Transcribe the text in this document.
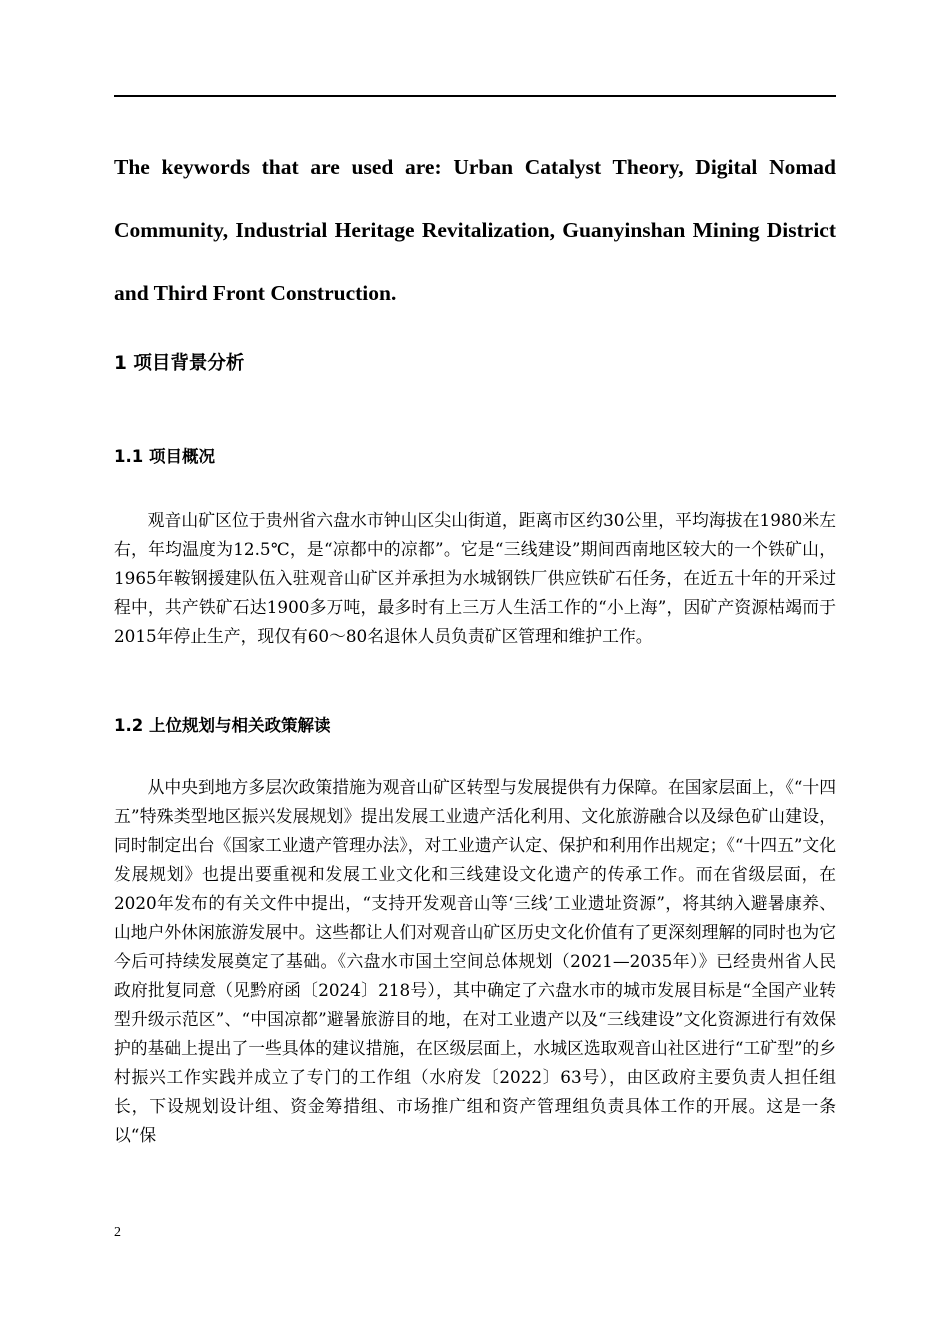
The keywords that are used are: Urban Catalyst Theory, Digital Nomad Community, Industrial Heritage Revitalization, Guanyinshan Mining District and Third Front Construction.

1 项目背景分析
1.1 项目概况

观音山矿区位于贵州省六盘水市钟山区尖山街道，距离市区约30公里，平均海拔在1980米左右，年均温度为12.5℃，是“凉都中的凉都”。它是“三线建设”期间西南地区较大的一个铁矿山，1965年鞍钢援建队伍入驻观音山矿区并承担为水城钢铁厂供应铁矿石任务，在近五十年的开采过程中，共产铁矿石达1900多万吨，最多时有上三万人生活工作的“小上海”，因矿产资源枯竭而于2015年停止生产，现仅有60～80名退休人员负责矿区管理和维护工作。

1.2 上位规划与相关政策解读

从中央到地方多层次政策措施为观音山矿区转型与发展提供有力保障。在国家层面上，《“十四五”特殊类型地区振兴发展规划》提出发展工业遗产活化利用、文化旅游融合以及绿色矿山建设，同时制定出台《国家工业遗产管理办法》，对工业遗产认定、保护和利用作出规定；《“十四五”文化发展规划》也提出要重视和发展工业文化和三线建设文化遗产的传承工作。而在省级层面，在2020年发布的有关文件中提出，“支持开发观音山等‘三线’工业遗址资源”，将其纳入避暑康养、山地户外休闲旅游发展中。这些都让人们对观音山矿区历史文化价值有了更深刻理解的同时也为它今后可持续发展奠定了基础。《六盘水市国土空间总体规划（2021—2035年）》已经贵州省人民政府批复同意（见黔府函〔2024〕218号），其中确定了六盘水市的城市发展目标是“全国产业转型升级示范区”、“中国凉都”避暑旅游目的地，在对工业遗产以及“三线建设”文化资源进行有效保护的基础上提出了一些具体的建议措施，在区级层面上，水城区选取观音山社区进行“工矿型”的乡村振兴工作实践并成立了专门的工作组（水府发〔2022〕63号），由区政府主要负责人担任组长，下设规划设计组、资金筹措组、市场推广组和资产管理组负责具体工作的开展。这是一条以“保

2
